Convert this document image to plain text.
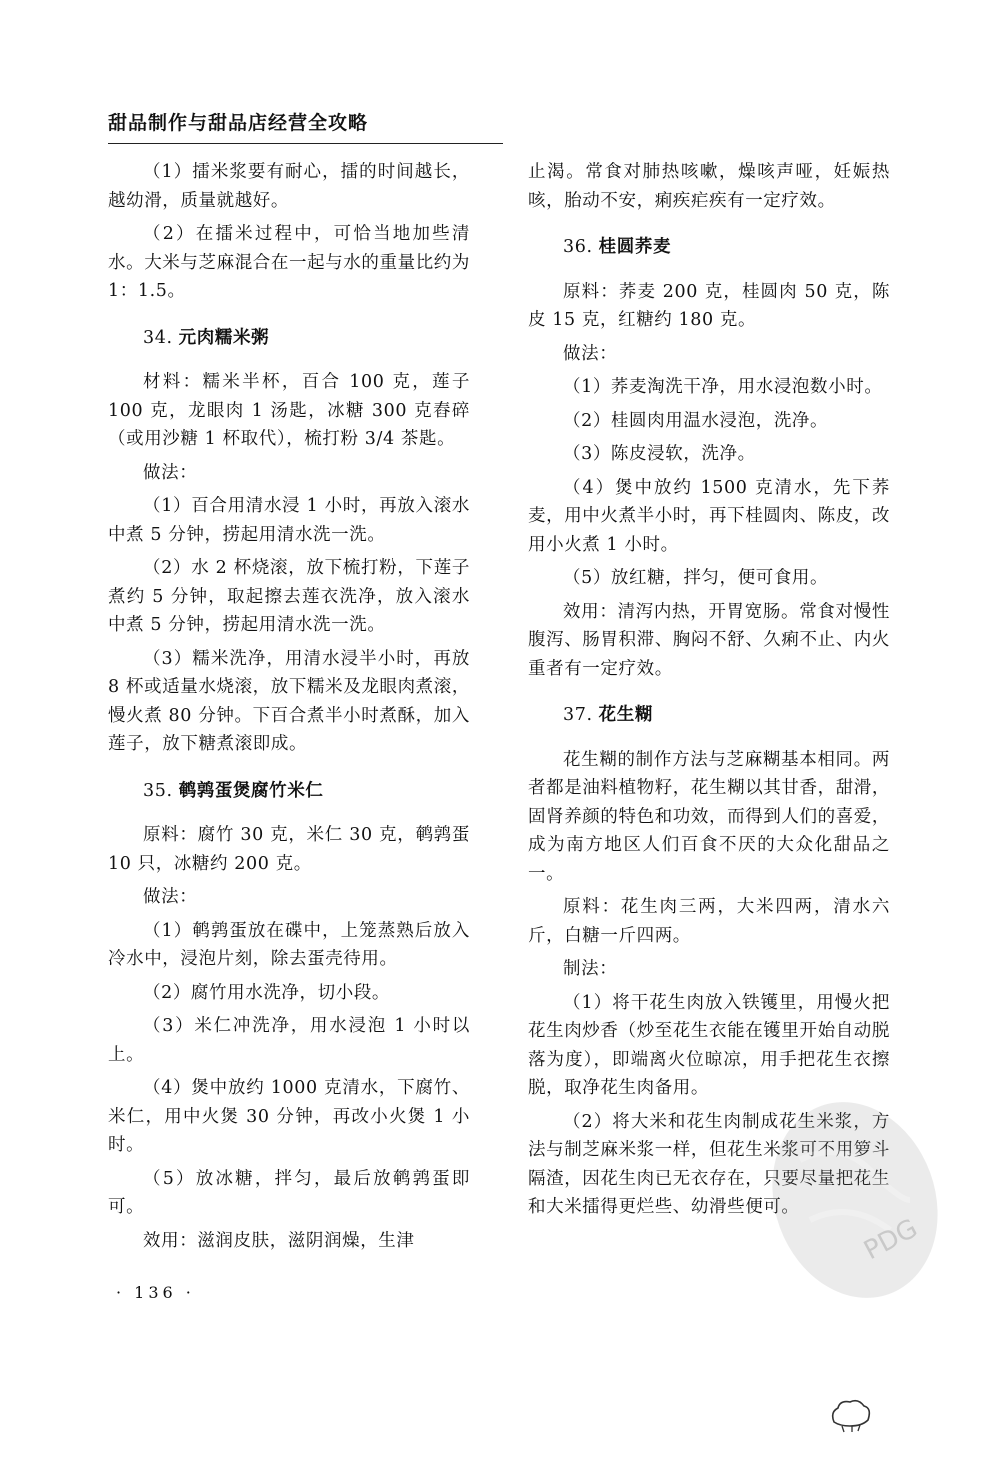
甜品制作与甜品店经营全攻略

（1）擂米浆要有耐心，擂的时间越长，越幼滑，质量就越好。

（2）在擂米过程中，可恰当地加些清水。大米与芝麻混合在一起与水的重量比约为 1：1.5。

34. 元肉糯米粥

材料：糯米半杯，百合 100 克，莲子 100 克，龙眼肉 1 汤匙，冰糖 300 克舂碎（或用沙糖 1 杯取代），梳打粉 3/4 茶匙。

做法：

（1）百合用清水浸 1 小时，再放入滚水中煮 5 分钟，捞起用清水洗一洗。

（2）水 2 杯烧滚，放下梳打粉，下莲子煮约 5 分钟，取起擦去莲衣洗净，放入滚水中煮 5 分钟，捞起用清水洗一洗。

（3）糯米洗净，用清水浸半小时，再放 8 杯或适量水烧滚，放下糯米及龙眼肉煮滚，慢火煮 80 分钟。下百合煮半小时煮酥，加入莲子，放下糖煮滚即成。

35. 鹌鹑蛋煲腐竹米仁

原料：腐竹 30 克，米仁 30 克，鹌鹑蛋 10 只，冰糖约 200 克。

做法：

（1）鹌鹑蛋放在碟中，上笼蒸熟后放入冷水中，浸泡片刻，除去蛋壳待用。

（2）腐竹用水洗净，切小段。

（3）米仁冲洗净，用水浸泡 1 小时以上。

（4）煲中放约 1000 克清水，下腐竹、米仁，用中火煲 30 分钟，再改小火煲 1 小时。

（5）放冰糖，拌匀，最后放鹌鹑蛋即可。

效用：滋润皮肤，滋阴润燥，生津

· 136 ·

止渴。常食对肺热咳嗽，燥咳声哑，妊娠热咳，胎动不安，痢疾疟疾有一定疗效。

36. 桂圆荞麦

原料：荞麦 200 克，桂圆肉 50 克，陈皮 15 克，红糖约 180 克。

做法：

（1）荞麦淘洗干净，用水浸泡数小时。

（2）桂圆肉用温水浸泡，洗净。

（3）陈皮浸软，洗净。

（4）煲中放约 1500 克清水，先下荞麦，用中火煮半小时，再下桂圆肉、陈皮，改用小火煮 1 小时。

（5）放红糖，拌匀，便可食用。

效用：清泻内热，开胃宽肠。常食对慢性腹泻、肠胃积滞、胸闷不舒、久痢不止、内火重者有一定疗效。

37. 花生糊

花生糊的制作方法与芝麻糊基本相同。两者都是油料植物籽，花生糊以其甘香，甜滑，固肾养颜的特色和功效，而得到人们的喜爱，成为南方地区人们百食不厌的大众化甜品之一。

原料：花生肉三两，大米四两，清水六斤，白糖一斤四两。

制法：

（1）将干花生肉放入铁镬里，用慢火把花生肉炒香（炒至花生衣能在镬里开始自动脱落为度），即端离火位晾凉，用手把花生衣擦脱，取净花生肉备用。

（2）将大米和花生肉制成花生米浆，方法与制芝麻米浆一样，但花生米浆可不用箩斗隔渣，因花生肉已无衣存在，只要尽量把花生和大米擂得更烂些、幼滑些便可。

PDG
